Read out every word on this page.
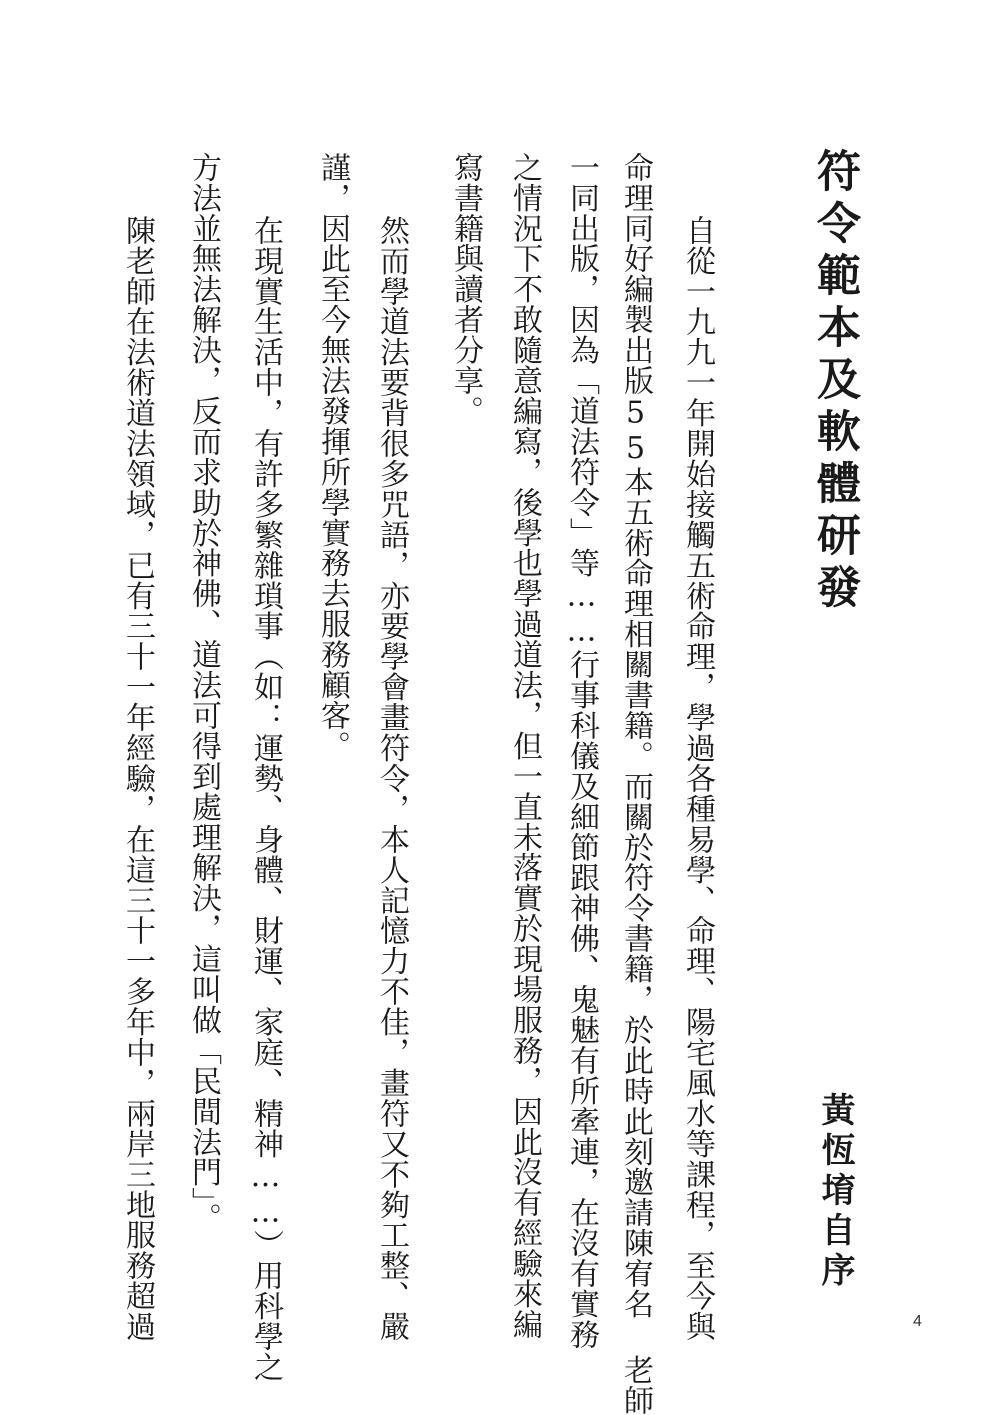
符令範本及軟體研發
黃恆堉自序
自從一九九一年開始接觸五術命理，學過各種易學、命理、陽宅風水等課程，至今與
命理同好編製出版55本五術命理相關書籍。而關於符令書籍，於此時此刻邀請陳宥名 老師
一同出版，因為「道法符令」等……行事科儀及細節跟神佛、鬼魅有所牽連，在沒有實務
之情況下不敢隨意編寫，後學也學過道法，但一直未落實於現場服務，因此沒有經驗來編
寫書籍與讀者分享。
然而學道法要背很多咒語，亦要學會畫符令，本人記憶力不佳，畫符又不夠工整、嚴
謹，因此至今無法發揮所學實務去服務顧客。
在現實生活中，有許多繁雜瑣事（如：運勢、身體、財運、家庭、精神……）用科學之
方法並無法解決，反而求助於神佛、道法可得到處理解決，這叫做「民間法門」。
陳老師在法術道法領域，已有三十一年經驗，在這三十一多年中，兩岸三地服務超過	4
